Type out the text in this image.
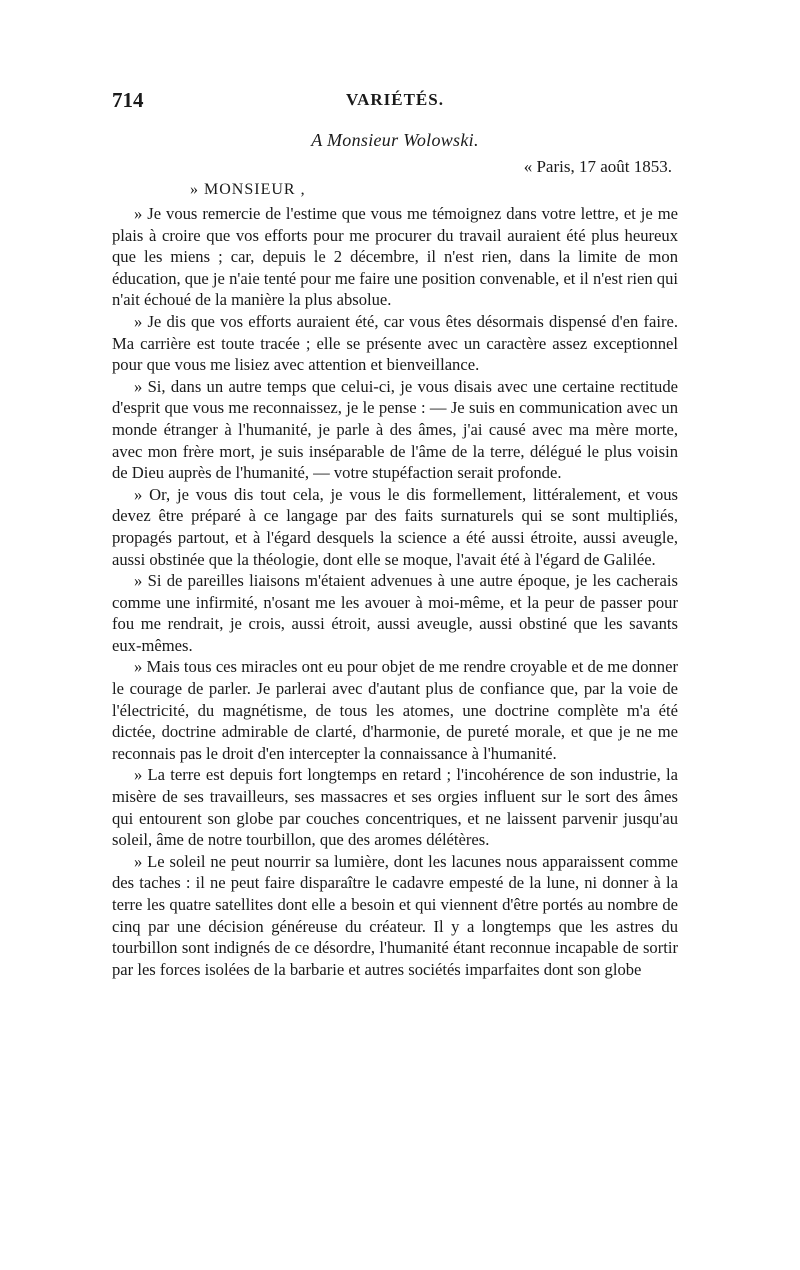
714	VARIÉTÉS.
A Monsieur Wolowski.
« Paris, 17 août 1853.
» MONSIEUR ,

» Je vous remercie de l'estime que vous me témoignez dans votre lettre, et je me plais à croire que vos efforts pour me procurer du travail auraient été plus heureux que les miens ; car, depuis le 2 décembre, il n'est rien, dans la limite de mon éducation, que je n'aie tenté pour me faire une position convenable, et il n'est rien qui n'ait échoué de la manière la plus absolue.

» Je dis que vos efforts auraient été, car vous êtes désormais dispensé d'en faire. Ma carrière est toute tracée ; elle se présente avec un caractère assez exceptionnel pour que vous me lisiez avec attention et bienveillance.

» Si, dans un autre temps que celui-ci, je vous disais avec une certaine rectitude d'esprit que vous me reconnaissez, je le pense : — Je suis en communication avec un monde étranger à l'humanité, je parle à des âmes, j'ai causé avec ma mère morte, avec mon frère mort, je suis inséparable de l'âme de la terre, délégué le plus voisin de Dieu auprès de l'humanité, — votre stupéfaction serait profonde.

» Or, je vous dis tout cela, je vous le dis formellement, littéralement, et vous devez être préparé à ce langage par des faits surnaturels qui se sont multipliés, propagés partout, et à l'égard desquels la science a été aussi étroite, aussi aveugle, aussi obstinée que la théologie, dont elle se moque, l'avait été à l'égard de Galilée.

» Si de pareilles liaisons m'étaient advenues à une autre époque, je les cacherais comme une infirmité, n'osant me les avouer à moi-même, et la peur de passer pour fou me rendrait, je crois, aussi étroit, aussi aveugle, aussi obstiné que les savants eux-mêmes.

» Mais tous ces miracles ont eu pour objet de me rendre croyable et de me donner le courage de parler. Je parlerai avec d'autant plus de confiance que, par la voie de l'électricité, du magnétisme, de tous les atomes, une doctrine complète m'a été dictée, doctrine admirable de clarté, d'harmonie, de pureté morale, et que je ne me reconnais pas le droit d'en intercepter la connaissance à l'humanité.

» La terre est depuis fort longtemps en retard ; l'incohérence de son industrie, la misère de ses travailleurs, ses massacres et ses orgies influent sur le sort des âmes qui entourent son globe par couches concentriques, et ne laissent parvenir jusqu'au soleil, âme de notre tourbillon, que des aromes délétères.

» Le soleil ne peut nourrir sa lumière, dont les lacunes nous apparaissent comme des taches : il ne peut faire disparaître le cadavre empesté de la lune, ni donner à la terre les quatre satellites dont elle a besoin et qui viennent d'être portés au nombre de cinq par une décision généreuse du créateur. Il y a longtemps que les astres du tourbillon sont indignés de ce désordre, l'humanité étant reconnue incapable de sortir par les forces isolées de la barbarie et autres sociétés imparfaites dont son globe
